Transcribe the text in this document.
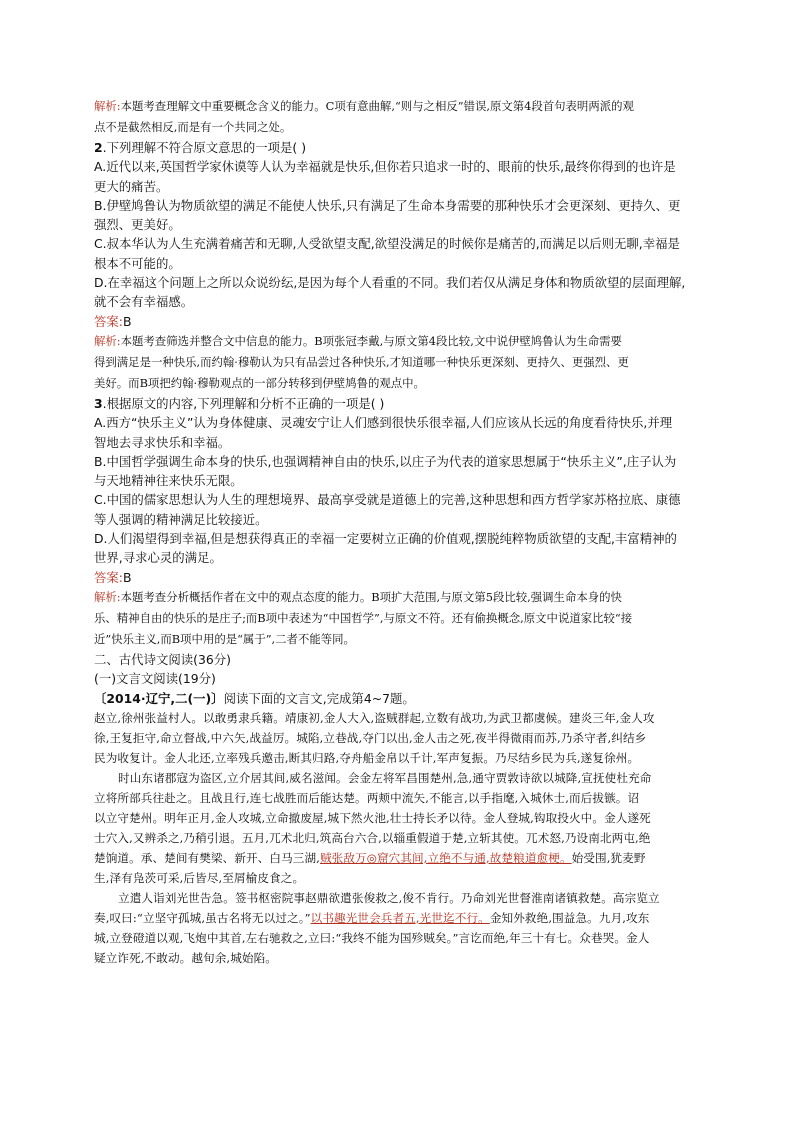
解析:本题考查理解文中重要概念含义的能力。C项有意曲解,“则与之相反”错误,原文第4段首句表明两派的观
点不是截然相反,而是有一个共同之处。
2.下列理解不符合原文意思的一项是( )
A.近代以来,英国哲学家休谟等人认为幸福就是快乐,但你若只追求一时的、眼前的快乐,最终你得到的也许是
更大的痛苦。
B.伊壁鸠鲁认为物质欲望的满足不能使人快乐,只有满足了生命本身需要的那种快乐才会更深刻、更持久、更
强烈、更美好。
C.叔本华认为人生充满着痛苦和无聊,人受欲望支配,欲望没满足的时候你是痛苦的,而满足以后则无聊,幸福是
根本不可能的。
D.在幸福这个问题上之所以众说纷纭,是因为每个人看重的不同。我们若仅从满足身体和物质欲望的层面理解,
就不会有幸福感。
答案:B
解析:本题考查筛选并整合文中信息的能力。B项张冠李戴,与原文第4段比较,文中说伊壁鸠鲁认为生命需要
得到满足是一种快乐,而约翰·穆勒认为只有品尝过各种快乐,才知道哪一种快乐更深刻、更持久、更强烈、更
美好。而B项把约翰·穆勒观点的一部分转移到伊壁鸠鲁的观点中。
3.根据原文的内容,下列理解和分析不正确的一项是( )
A.西方“快乐主义”认为身体健康、灵魂安宁让人们感到很快乐很幸福,人们应该从长远的角度看待快乐,并理
智地去寻求快乐和幸福。
B.中国哲学强调生命本身的快乐,也强调精神自由的快乐,以庄子为代表的道家思想属于“快乐主义”,庄子认为
与天地精神往来快乐无限。
C.中国的儒家思想认为人生的理想境界、最高享受就是道德上的完善,这种思想和西方哲学家苏格拉底、康德
等人强调的精神满足比较接近。
D.人们渴望得到幸福,但是想获得真正的幸福一定要树立正确的价值观,摆脱纯粹物质欲望的支配,丰富精神的
世界,寻求心灵的满足。
答案:B
解析:本题考查分析概括作者在文中的观点态度的能力。B项扩大范围,与原文第5段比较,强调生命本身的快
乐、精神自由的快乐的是庄子;而B项中表述为“中国哲学”,与原文不符。还有偷换概念,原文中说道家比较“接
近”快乐主义,而B项中用的是“属于”,二者不能等同。
二、古代诗文阅读(36分)
(一)文言文阅读(19分)
〔2014·辽宁,二(一)〕阅读下面的文言文,完成第4~7题。
赵立,徐州张益村人。以敢勇隶兵籍。靖康初,金人大入,盗贼群起,立数有战功,为武卫都虞候。建炎三年,金人攻
徐,王复拒守,命立督战,中六矢,战益厉。城陷,立巷战,夺门以出,金人击之死,夜半得微雨而苏,乃杀守者,纠结乡
民为收复计。金人北还,立率残兵邀击,断其归路,夺舟船金帛以千计,军声复振。乃尽结乡民为兵,遂复徐州。
时山东诸郡寇为盗区,立介居其间,威名滋闻。会金左将军昌围楚州,急,通守贾敦诗欲以城降,宣抚使杜充命
立将所部兵往赴之。且战且行,连七战胜而后能达楚。两颊中流矢,不能言,以手指麾,入城休士,而后拔镞。诏
以立守楚州。明年正月,金人攻城,立命撤废屋,城下然火池,壮士持长矛以待。金人登城,钩取投火中。金人遂死
士穴入,又辨杀之,乃稍引退。五月,兀术北归,筑高台六合,以辎重假道于楚,立斩其使。兀术怒,乃设南北两屯,绝
楚饷道。承、楚间有樊梁、新开、白马三湖,贼张敌万◎窟穴其间,立绝不与通,故楚粮道愈梗。始受围,犹麦野
生,泽有凫茨可采,后皆尽,至屑榆皮食之。
立遣人诣刘光世告急。签书枢密院事赵鼎欲遣张俊救之,俊不肯行。乃命刘光世督淮南诸镇救楚。高宗览立
奏,叹曰:“立坚守孤城,虽古名将无以过之。”以书趣光世会兵者五,光世迄不行。金知外救绝,围益急。九月,攻东
城,立登磴道以观,飞炮中其首,左右驰救之,立曰:“我终不能为国殄贼矣。”言讫而绝,年三十有七。众巷哭。金人
疑立诈死,不敢动。越旬余,城始陷。
